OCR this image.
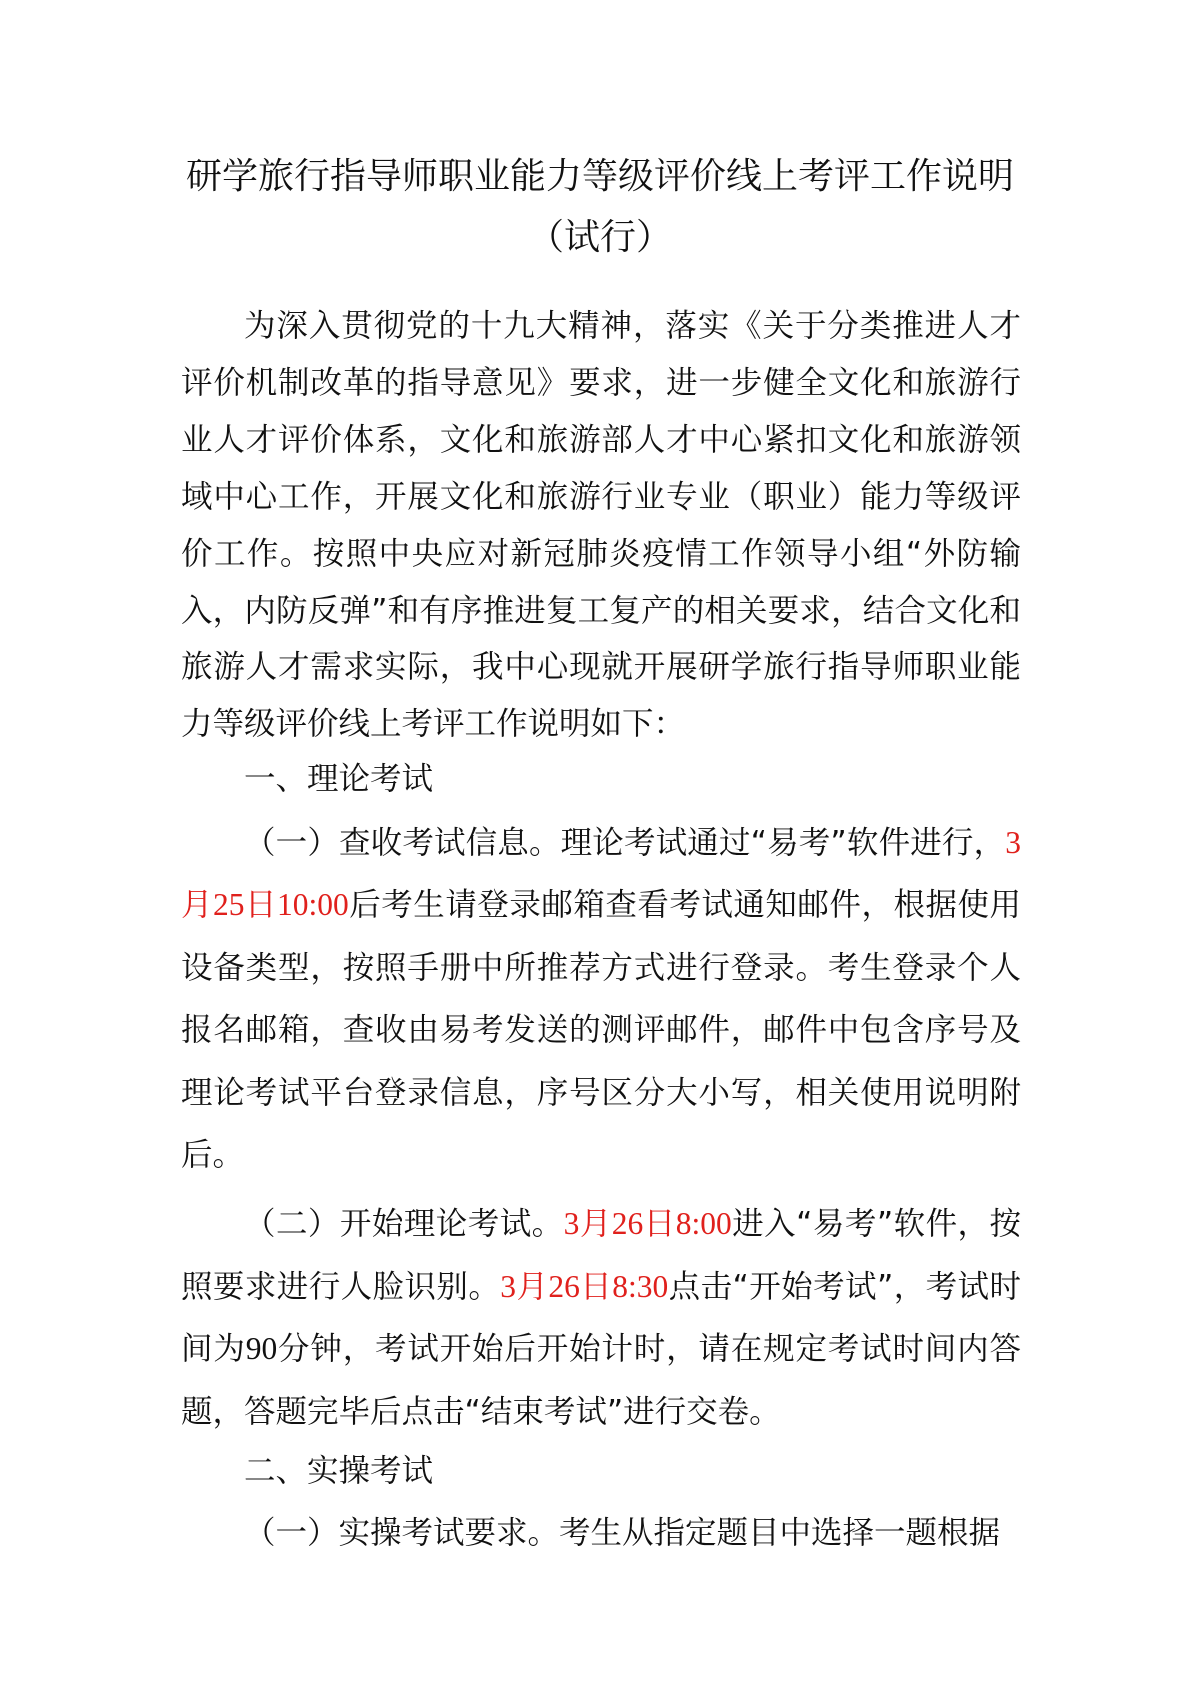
研学旅行指导师职业能力等级评价线上考评工作说明
（试行）

为深入贯彻党的十九大精神，落实《关于分类推进人才评价机制改革的指导意见》要求，进一步健全文化和旅游行业人才评价体系，文化和旅游部人才中心紧扣文化和旅游领域中心工作，开展文化和旅游行业专业（职业）能力等级评价工作。按照中央应对新冠肺炎疫情工作领导小组“外防输入，内防反弹”和有序推进复工复产的相关要求，结合文化和旅游人才需求实际，我中心现就开展研学旅行指导师职业能力等级评价线上考评工作说明如下：

一、理论考试

（一）查收考试信息。理论考试通过“易考”软件进行，3月25日10:00后考生请登录邮箱查看考试通知邮件，根据使用设备类型，按照手册中所推荐方式进行登录。考生登录个人报名邮箱，查收由易考发送的测评邮件，邮件中包含序号及理论考试平台登录信息，序号区分大小写，相关使用说明附后。

（二）开始理论考试。3月26日8:00进入“易考”软件，按照要求进行人脸识别。3月26日8:30点击“开始考试”，考试时间为90分钟，考试开始后开始计时，请在规定考试时间内答题，答题完毕后点击“结束考试”进行交卷。

二、实操考试

（一）实操考试要求。考生从指定题目中选择一题根据
